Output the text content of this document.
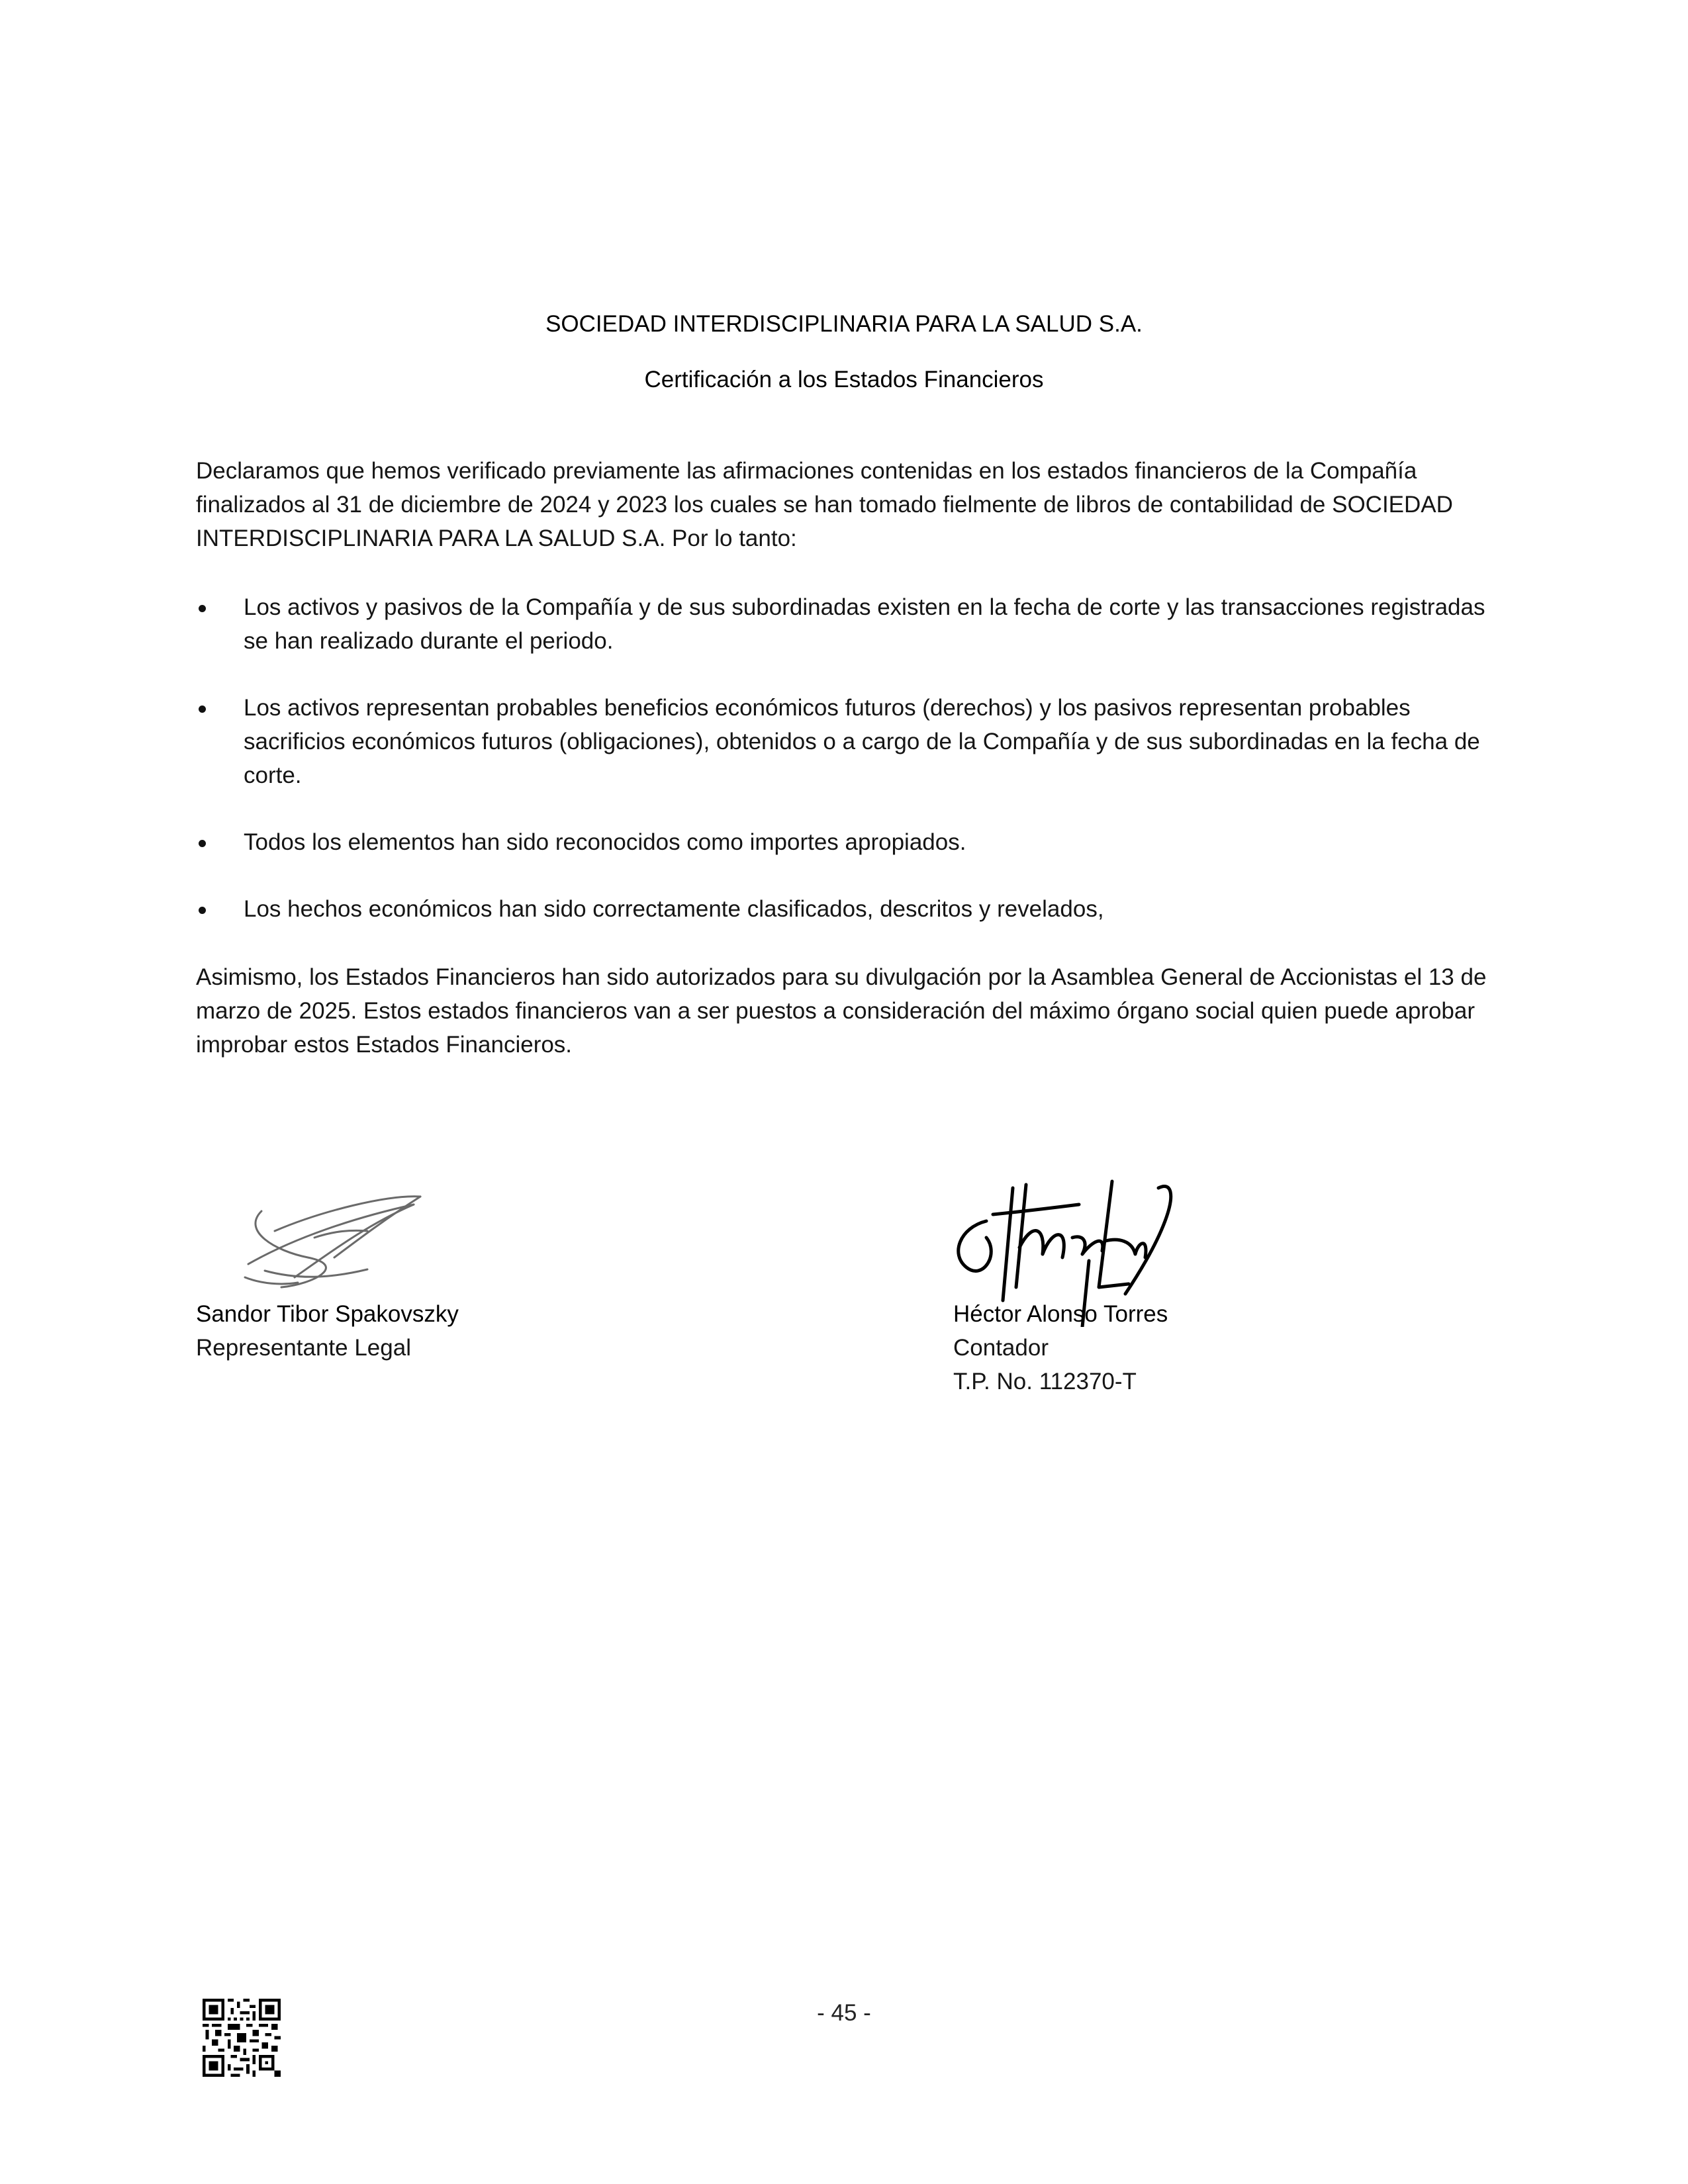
SOCIEDAD INTERDISCIPLINARIA PARA LA SALUD S.A.
Certificación a los Estados Financieros
Declaramos que hemos verificado previamente las afirmaciones contenidas en los estados financieros de la Compañía finalizados al 31 de diciembre de 2024 y 2023 los cuales se han tomado fielmente de libros de contabilidad de SOCIEDAD INTERDISCIPLINARIA PARA LA SALUD S.A. Por lo tanto:
Los activos y pasivos de la Compañía y de sus subordinadas existen en la fecha de corte y las transacciones registradas se han realizado durante el periodo.
Los activos representan probables beneficios económicos futuros (derechos) y los pasivos representan probables sacrificios económicos futuros (obligaciones), obtenidos o a cargo de la Compañía y de sus subordinadas en la fecha de corte.
Todos los elementos han sido reconocidos como importes apropiados.
Los hechos económicos han sido correctamente clasificados, descritos y revelados,
Asimismo, los Estados Financieros han sido autorizados para su divulgación por la Asamblea General de Accionistas el 13 de marzo de 2025. Estos estados financieros van a ser puestos a consideración del máximo órgano social quien puede aprobar improbar estos Estados Financieros.
Sandor Tibor Spakovszky
Representante Legal
Héctor Alonso Torres
Contador
T.P. No. 112370-T
- 45 -
